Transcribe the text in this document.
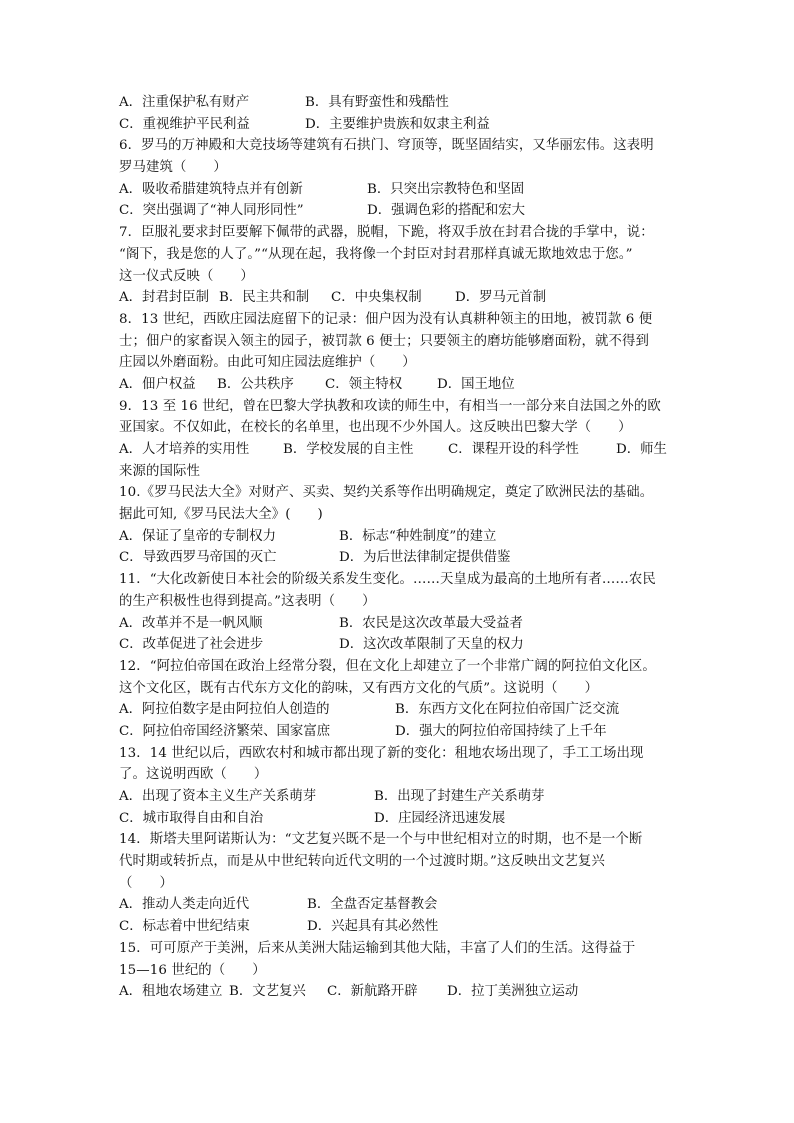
A．注重保护私有财产	B．具有野蛮性和残酷性
C．重视维护平民利益	D．主要维护贵族和奴隶主利益
6．罗马的万神殿和大竞技场等建筑有石拱门、穹顶等，既坚固结实，又华丽宏伟。这表明
罗马建筑（　　）
A．吸收希腊建筑特点并有创新	B．只突出宗教特色和坚固
C．突出强调了“神人同形同性”	D．强调色彩的搭配和宏大
7．臣服礼要求封臣要解下佩带的武器，脱帽，下跪，将双手放在封君合拢的手掌中，说：
“阁下，我是您的人了。”“从现在起，我将像一个封臣对封君那样真诚无欺地效忠于您。”
这一仪式反映（　　）
A．封君封臣制 B．民主共和制	C．中央集权制	D．罗马元首制
8．13 世纪，西欧庄园法庭留下的记录：佃户因为没有认真耕种领主的田地，被罚款 6 便
士；佃户的家畜误入领主的园子，被罚款 6 便士；只要领主的磨坊能够磨面粉，就不得到
庄园以外磨面粉。由此可知庄园法庭维护（　　）
A．佃户权益	B．公共秩序	C．领主特权	D．国王地位
9．13 至 16 世纪，曾在巴黎大学执教和攻读的师生中，有相当一一部分来自法国之外的欧
亚国家。不仅如此，在校长的名单里，也出现不少外国人。这反映出巴黎大学（　　）
A．人才培养的实用性	B．学校发展的自主性	C．课程开设的科学性	D．师生
来源的国际性
10.《罗马民法大全》对财产、买卖、契约关系等作出明确规定，奠定了欧洲民法的基础。
据此可知,《罗马民法大全》(　　)
A．保证了皇帝的专制权力	B．标志“种姓制度”的建立
C．导致西罗马帝国的灭亡	D．为后世法律制定提供借鉴
11．“大化改新使日本社会的阶级关系发生变化。……天皇成为最高的土地所有者……农民
的生产积极性也得到提高。”这表明（　　）
A．改革并不是一帆风顺	B．农民是这次改革最大受益者
C．改革促进了社会进步	D．这次改革限制了天皇的权力
12．“阿拉伯帝国在政治上经常分裂，但在文化上却建立了一个非常广阔的阿拉伯文化区。
这个文化区，既有古代东方文化的韵味，又有西方文化的气质”。这说明（　　）
A．阿拉伯数字是由阿拉伯人创造的	B．东西方文化在阿拉伯帝国广泛交流
C．阿拉伯帝国经济繁荣、国家富庶	D．强大的阿拉伯帝国持续了上千年
13．14 世纪以后，西欧农村和城市都出现了新的变化：租地农场出现了，手工工场出现
了。这说明西欧（　　）
A．出现了资本主义生产关系萌芽	B．出现了封建生产关系萌芽
C．城市取得自由和自治	D．庄园经济迅速发展
14．斯塔夫里阿诺斯认为：“文艺复兴既不是一个与中世纪相对立的时期，也不是一个断
代时期或转折点，而是从中世纪转向近代文明的一个过渡时期。”这反映出文艺复兴
（　　）
A．推动人类走向近代	B．全盘否定基督教会
C．标志着中世纪结束	D．兴起具有其必然性
15．可可原产于美洲，后来从美洲大陆运输到其他大陆，丰富了人们的生活。这得益于
15—16 世纪的（　　）
A．租地农场建立 B．文艺复兴	C．新航路开辟	D．拉丁美洲独立运动
